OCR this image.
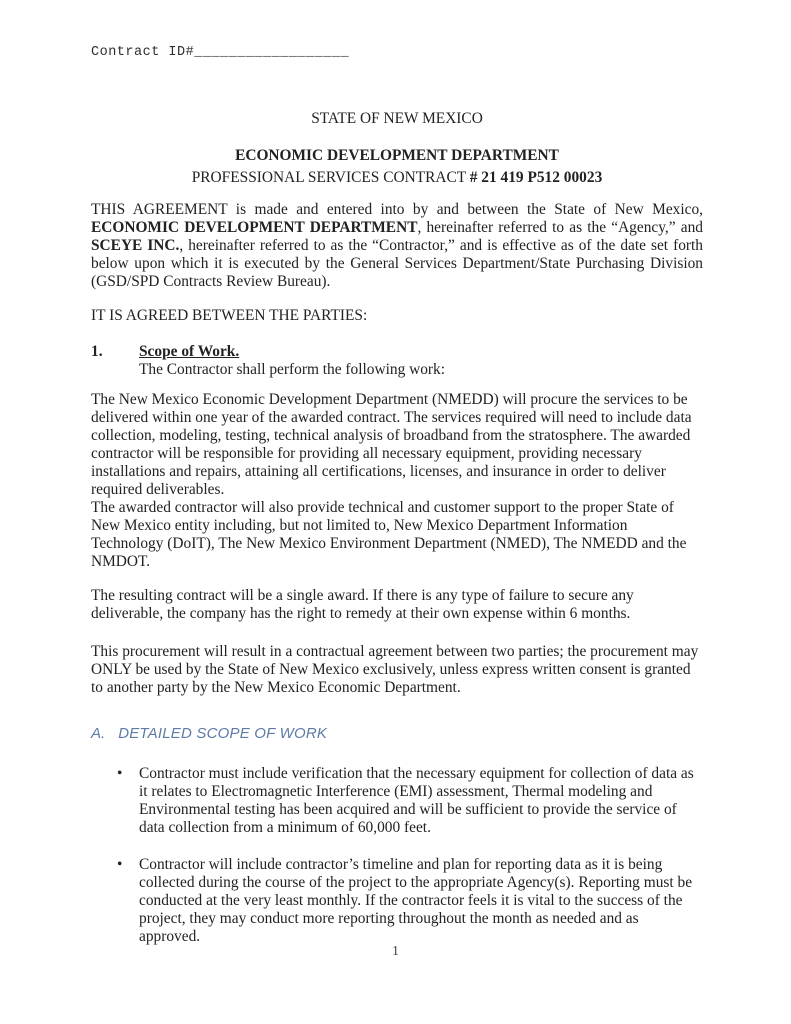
Contract ID#__________________
STATE OF NEW MEXICO
ECONOMIC DEVELOPMENT DEPARTMENT
PROFESSIONAL SERVICES CONTRACT # 21 419 P512 00023

THIS AGREEMENT is made and entered into by and between the State of New Mexico, ECONOMIC DEVELOPMENT DEPARTMENT, hereinafter referred to as the “Agency,” and SCEYE INC., hereinafter referred to as the “Contractor,” and is effective as of the date set forth below upon which it is executed by the General Services Department/State Purchasing Division (GSD/SPD Contracts Review Bureau).

IT IS AGREED BETWEEN THE PARTIES:

1.	Scope of Work.
The Contractor shall perform the following work:

The New Mexico Economic Development Department (NMEDD) will procure the services to be delivered within one year of the awarded contract. The services required will need to include data collection, modeling, testing, technical analysis of broadband from the stratosphere. The awarded contractor will be responsible for providing all necessary equipment, providing necessary installations and repairs, attaining all certifications, licenses, and insurance in order to deliver required deliverables.

The awarded contractor will also provide technical and customer support to the proper State of New Mexico entity including, but not limited to, New Mexico Department Information Technology (DoIT), The New Mexico Environment Department (NMED), The NMEDD and the NMDOT.

The resulting contract will be a single award. If there is any type of failure to secure any deliverable, the company has the right to remedy at their own expense within 6 months.

This procurement will result in a contractual agreement between two parties; the procurement may ONLY be used by the State of New Mexico exclusively, unless express written consent is granted to another party by the New Mexico Economic Department.

A. DETAILED SCOPE OF WORK
• Contractor must include verification that the necessary equipment for collection of data as it relates to Electromagnetic Interference (EMI) assessment, Thermal modeling and Environmental testing has been acquired and will be sufficient to provide the service of data collection from a minimum of 60,000 feet.
• Contractor will include contractor’s timeline and plan for reporting data as it is being collected during the course of the project to the appropriate Agency(s). Reporting must be conducted at the very least monthly. If the contractor feels it is vital to the success of the project, they may conduct more reporting throughout the month as needed and as approved.
1
